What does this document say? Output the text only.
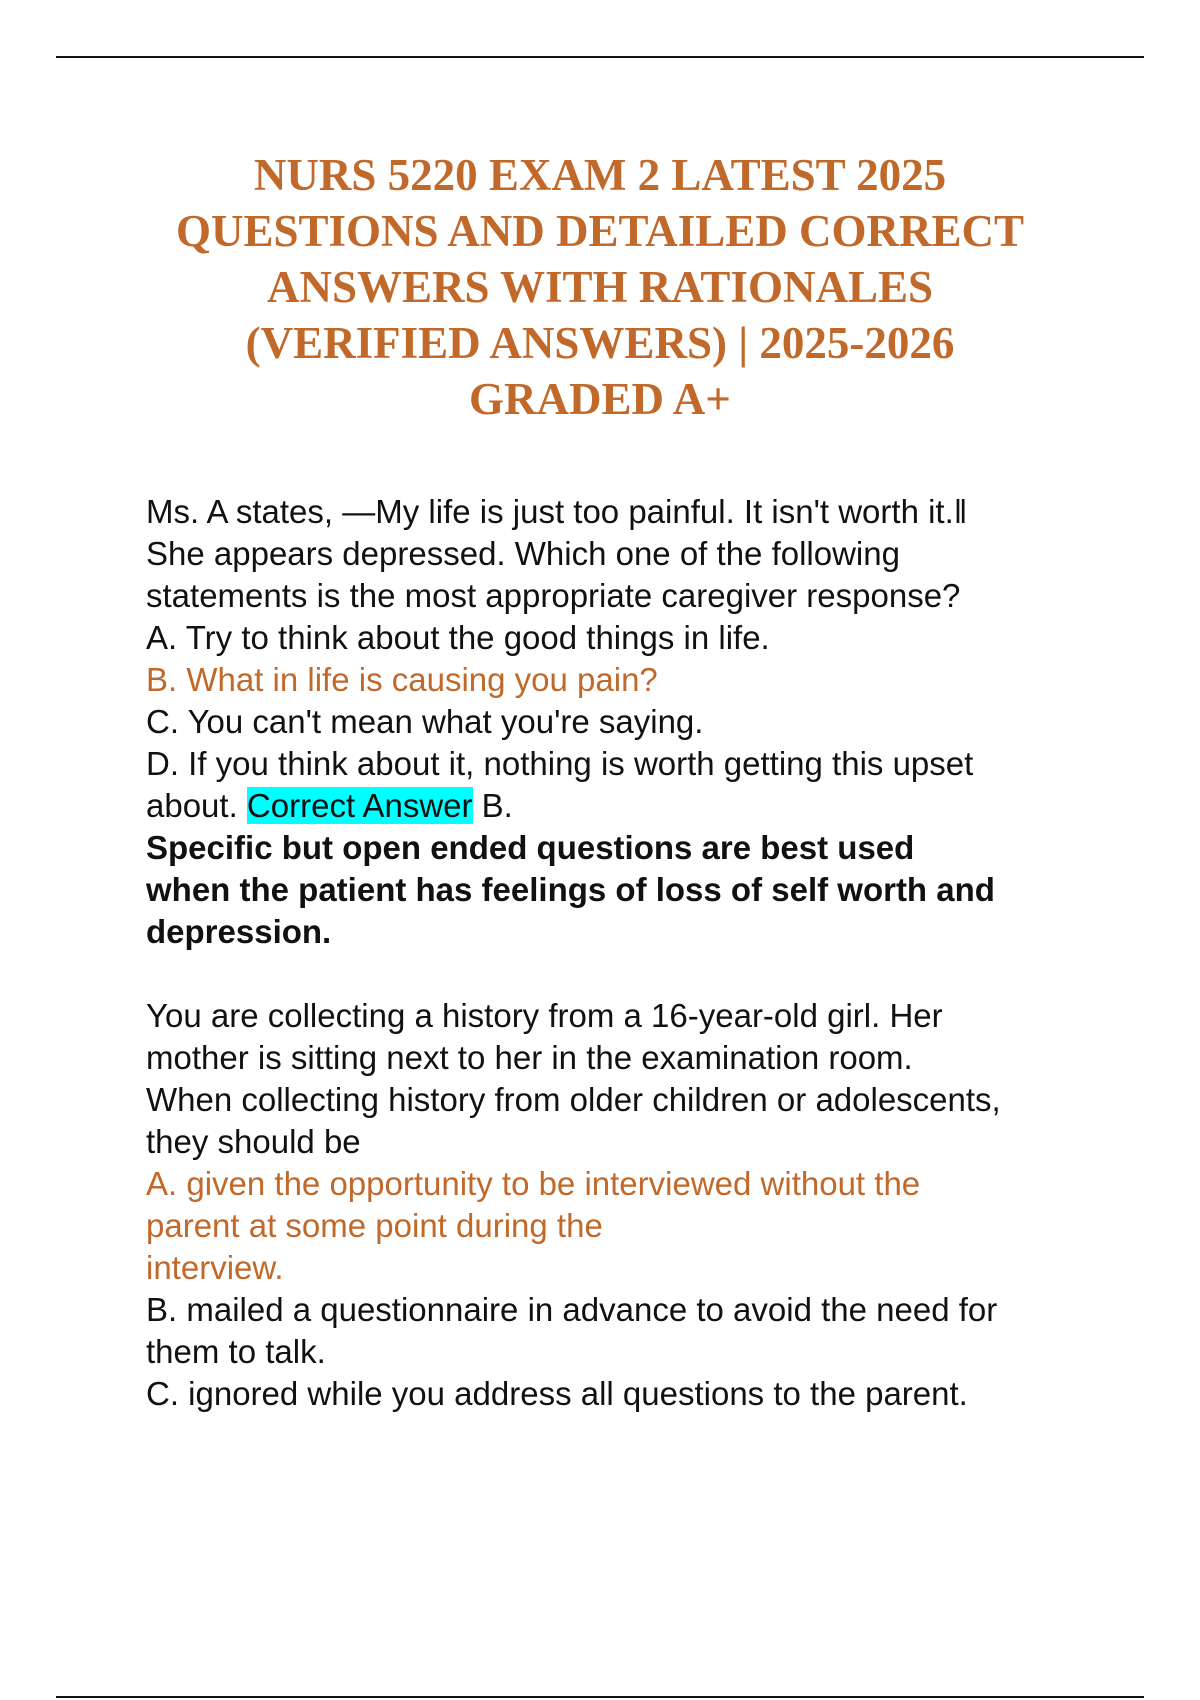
NURS 5220 EXAM 2 LATEST 2025
QUESTIONS AND DETAILED CORRECT
ANSWERS WITH RATIONALES
(VERIFIED ANSWERS) | 2025-2026
GRADED A+
Ms. A states, —My life is just too painful. It isn't worth it.‖
She appears depressed. Which one of the following
statements is the most appropriate caregiver response?
A. Try to think about the good things in life.
B. What in life is causing you pain?
C. You can't mean what you're saying.
D. If you think about it, nothing is worth getting this upset
about. Correct Answer B.
Specific but open ended questions are best used
when the patient has feelings of loss of self worth and
depression.
You are collecting a history from a 16-year-old girl. Her
mother is sitting next to her in the examination room.
When collecting history from older children or adolescents,
they should be
A. given the opportunity to be interviewed without the
parent at some point during the
interview.
B. mailed a questionnaire in advance to avoid the need for
them to talk.
C. ignored while you address all questions to the parent.
